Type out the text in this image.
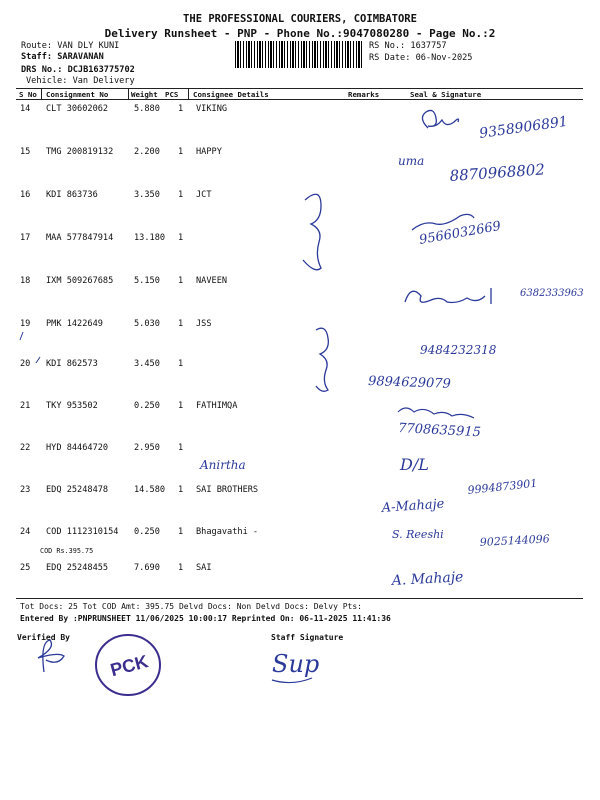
THE PROFESSIONAL COURIERS, COIMBATORE
Delivery Runsheet - PNP - Phone No.:9047080280 - Page No.:2
Route: VAN DLY KUNI
Staff: SARAVANAN
DRS No.: DCJB163775702
Vehicle: Van Delivery
RS No.: 1637757
RS Date: 06-Nov-2025
S No Consignment No	Weight PCS Consignee Details	Remarks	Seal & Signature
14 CLT 30602062	5.880 1 VIKING
15 TMG 200819132 2.200 1 HAPPY
16 KDI 863736	3.350 1 JCT
17 MAA 577847914 13.180 1
18 IXM 509267685 5.150 1 NAVEEN
19 PMK 1422649	5.030 1 JSS
20 KDI 862573	3.450 1
21 TKY 953502	0.250 1 FATHIMQA
22 HYD 84464720	2.950 1
23 EDQ 25248478	14.580 1 SAI BROTHERS
24 COD 1112310154 0.250 1 Bhagavathi -
25 EDQ 25248455	7.690 1 SAI
COD Rs.395.75
Tot Docs: 25 Tot COD Amt: 395.75 Delvd Docs: Non Delvd Docs: Delvy Pts:
Entered By :PNPRUNSHEET 11/06/2025 10:00:17 Reprinted On: 06-11-2025 11:41:36
Verified By	Staff Signature
9358906891
uma 8870968802
9566032669
6382333963
9484232318
9894629079
7708635915
Anirtha	D/L
9994873901
A-Mahaje
S. Reeshi	9025144096
A. Mahaje
PCK	Sup
